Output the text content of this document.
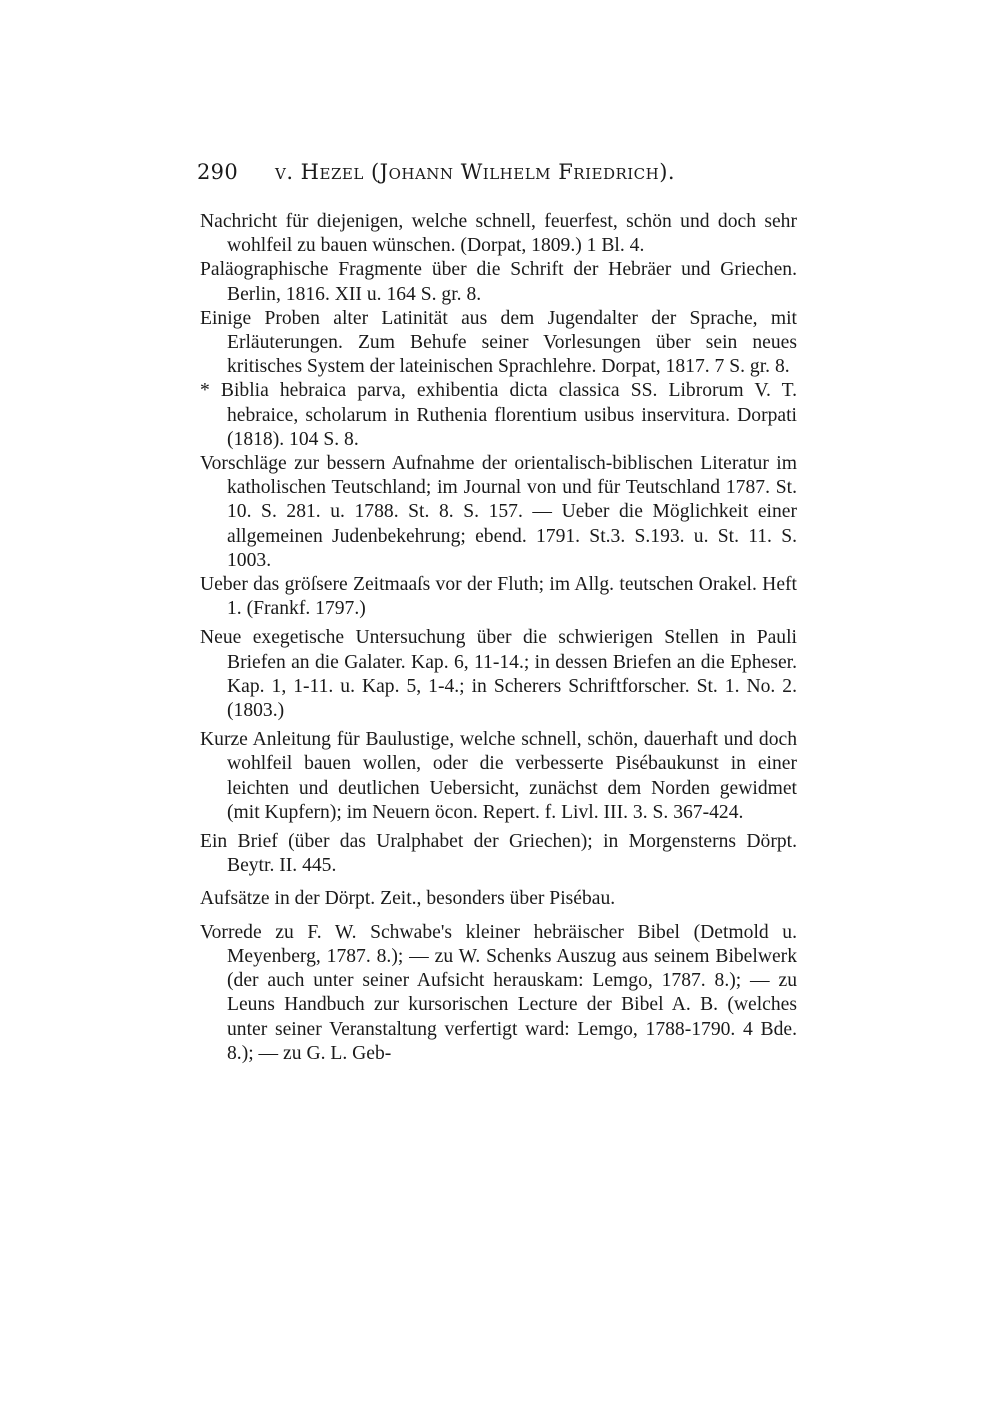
290 v. Hezel (Johann Wilhelm Friedrich).

Nachricht für diejenigen, welche schnell, feuerfest, schön und doch sehr wohlfeil zu bauen wünschen. (Dorpat, 1809.) 1 Bl. 4.

Paläographische Fragmente über die Schrift der Hebräer und Griechen. Berlin, 1816. XII u. 164 S. gr. 8.

Einige Proben alter Latinität aus dem Jugendalter der Sprache, mit Erläuterungen. Zum Behufe seiner Vorlesungen über sein neues kritisches System der lateinischen Sprachlehre. Dorpat, 1817. 7 S. gr. 8.

* Biblia hebraica parva, exhibentia dicta classica SS. Librorum V. T. hebraice, scholarum in Ruthenia florentium usibus inservitura. Dorpati (1818). 104 S. 8.

Vorschläge zur bessern Aufnahme der orientalisch-biblischen Literatur im katholischen Teutschland; im Journal von und für Teutschland 1787. St. 10. S. 281. u. 1788. St. 8. S. 157. — Ueber die Möglichkeit einer allgemeinen Judenbekehrung; ebend. 1791. St.3. S.193. u. St. 11. S. 1003.

Ueber das gröſsere Zeitmaaſs vor der Fluth; im Allg. teutschen Orakel. Heft 1. (Frankf. 1797.)

Neue exegetische Untersuchung über die schwierigen Stellen in Pauli Briefen an die Galater. Kap. 6, 11-14.; in dessen Briefen an die Epheser. Kap. 1, 1-11. u. Kap. 5, 1-4.; in Scherers Schriftforscher. St. 1. No. 2. (1803.)

Kurze Anleitung für Baulustige, welche schnell, schön, dauerhaft und doch wohlfeil bauen wollen, oder die verbesserte Pisébaukunst in einer leichten und deutlichen Uebersicht, zunächst dem Norden gewidmet (mit Kupfern); im Neuern öcon. Repert. f. Livl. III. 3. S. 367-424.

Ein Brief (über das Uralphabet der Griechen); in Morgensterns Dörpt. Beytr. II. 445.

Aufsätze in der Dörpt. Zeit., besonders über Pisébau.

Vorrede zu F. W. Schwabe's kleiner hebräischer Bibel (Detmold u. Meyenberg, 1787. 8.); — zu W. Schenks Auszug aus seinem Bibelwerk (der auch unter seiner Aufsicht herauskam: Lemgo, 1787. 8.); — zu Leuns Handbuch zur kursorischen Lecture der Bibel A. B. (welches unter seiner Veranstaltung verfertigt ward: Lemgo, 1788-1790. 4 Bde. 8.); — zu G. L. Geb-
